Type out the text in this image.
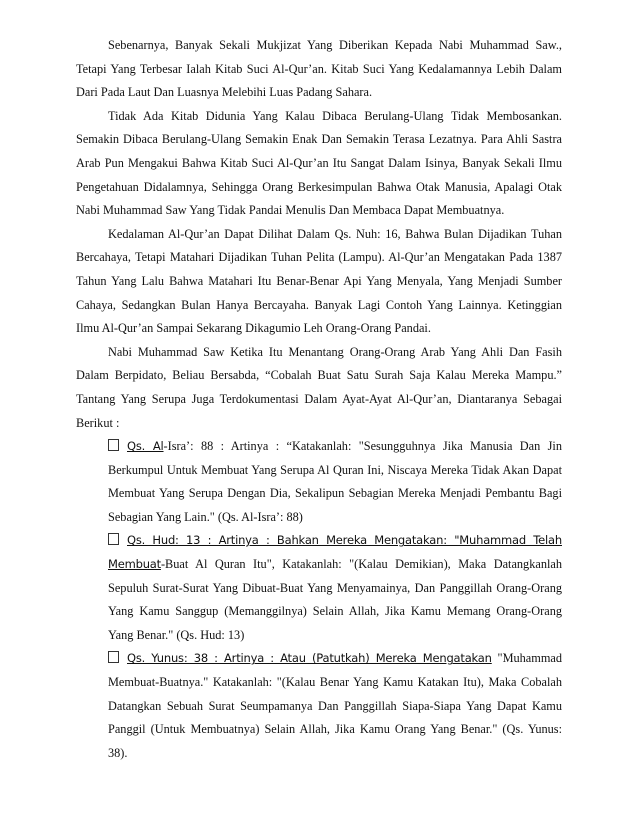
Sebenarnya, Banyak Sekali Mukjizat Yang Diberikan Kepada Nabi Muhammad Saw., Tetapi Yang Terbesar Ialah Kitab Suci Al-Qur’an. Kitab Suci Yang Kedalamannya Lebih Dalam Dari Pada Laut Dan Luasnya Melebihi Luas Padang Sahara.

Tidak Ada Kitab Didunia Yang Kalau Dibaca Berulang-Ulang Tidak Membosankan. Semakin Dibaca Berulang-Ulang Semakin Enak Dan Semakin Terasa Lezatnya. Para Ahli Sastra Arab Pun Mengakui Bahwa Kitab Suci Al-Qur’an Itu Sangat Dalam Isinya, Banyak Sekali Ilmu Pengetahuan Didalamnya, Sehingga Orang Berkesimpulan Bahwa Otak Manusia, Apalagi Otak Nabi Muhammad Saw Yang Tidak Pandai Menulis Dan Membaca Dapat Membuatnya.

Kedalaman Al-Qur’an Dapat Dilihat Dalam Qs. Nuh: 16, Bahwa Bulan Dijadikan Tuhan Bercahaya, Tetapi Matahari Dijadikan Tuhan Pelita (Lampu). Al-Qur’an Mengatakan Pada 1387 Tahun Yang Lalu Bahwa Matahari Itu Benar-Benar Api Yang Menyala, Yang Menjadi Sumber Cahaya, Sedangkan Bulan Hanya Bercayaha. Banyak Lagi Contoh Yang Lainnya. Ketinggian Ilmu Al-Qur’an Sampai Sekarang Dikagumio Leh Orang-Orang Pandai.

Nabi Muhammad Saw Ketika Itu Menantang Orang-Orang Arab Yang Ahli Dan Fasih Dalam Berpidato, Beliau Bersabda, “Cobalah Buat Satu Surah Saja Kalau Mereka Mampu.” Tantang Yang Serupa Juga Terdokumentasi Dalam Ayat-Ayat Al-Qur’an, Diantaranya Sebagai Berikut :

Qs. Al-Isra’: 88 : Artinya : “Katakanlah: "Sesungguhnya Jika Manusia Dan Jin Berkumpul Untuk Membuat Yang Serupa Al Quran Ini, Niscaya Mereka Tidak Akan Dapat Membuat Yang Serupa Dengan Dia, Sekalipun Sebagian Mereka Menjadi Pembantu Bagi Sebagian Yang Lain." (Qs. Al-Isra’: 88)
Qs. Hud: 13 : Artinya : Bahkan Mereka Mengatakan: "Muhammad Telah Membuat-Buat Al Quran Itu", Katakanlah: "(Kalau Demikian), Maka Datangkanlah Sepuluh Surat-Surat Yang Dibuat-Buat Yang Menyamainya, Dan Panggillah Orang-Orang Yang Kamu Sanggup (Memanggilnya) Selain Allah, Jika Kamu Memang Orang-Orang Yang Benar." (Qs. Hud: 13)
Qs. Yunus: 38 : Artinya : Atau (Patutkah) Mereka Mengatakan "Muhammad Membuat-Buatnya." Katakanlah: "(Kalau Benar Yang Kamu Katakan Itu), Maka Cobalah Datangkan Sebuah Surat Seumpamanya Dan Panggillah Siapa-Siapa Yang Dapat Kamu Panggil (Untuk Membuatnya) Selain Allah, Jika Kamu Orang Yang Benar." (Qs. Yunus: 38).
